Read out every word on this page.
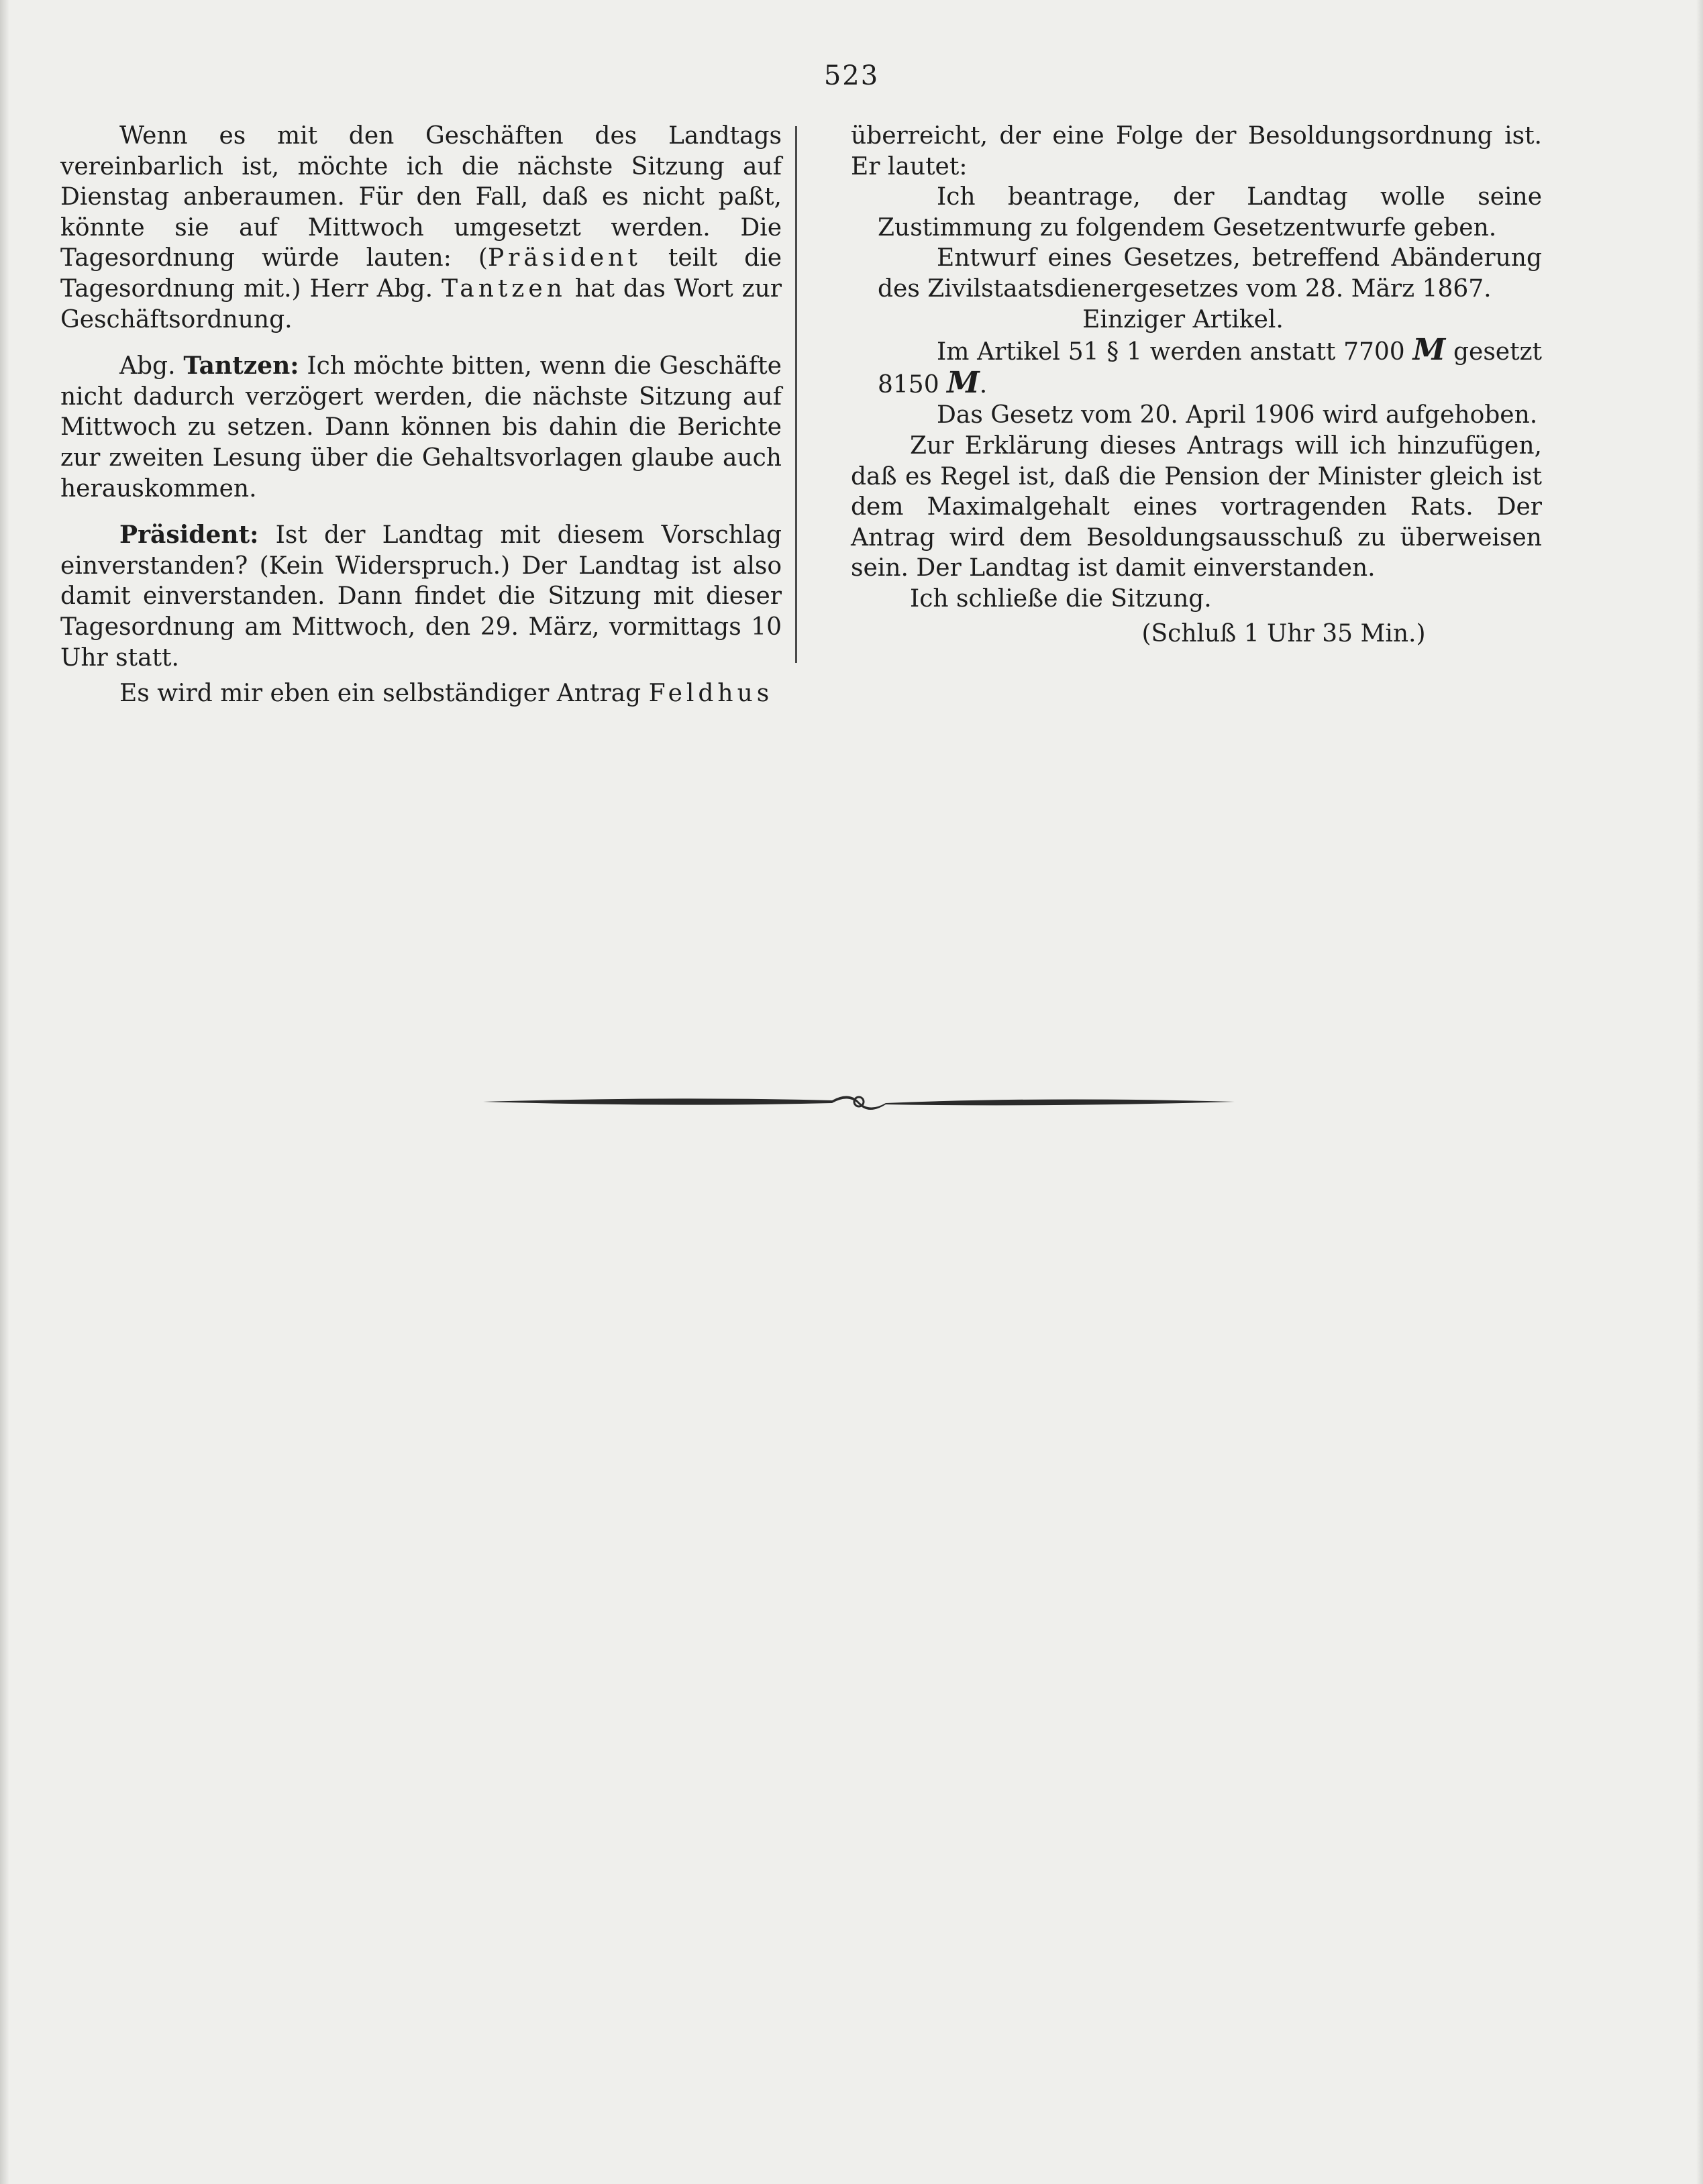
523

Wenn es mit den Geschäften des Landtags vereinbarlich ist, möchte ich die nächste Sitzung auf Dienstag anberaumen. Für den Fall, daß es nicht paßt, könnte sie auf Mittwoch umgesetzt werden. Die Tagesordnung würde lauten: (Präsident teilt die Tagesordnung mit.) Herr Abg. Tantzen hat das Wort zur Geschäftsordnung.

Abg. Tantzen: Ich möchte bitten, wenn die Geschäfte nicht dadurch verzögert werden, die nächste Sitzung auf Mittwoch zu setzen. Dann können bis dahin die Berichte zur zweiten Lesung über die Gehaltsvorlagen glaube auch herauskommen.

Präsident: Ist der Landtag mit diesem Vorschlag einverstanden? (Kein Widerspruch.) Der Landtag ist also damit einverstanden. Dann findet die Sitzung mit dieser Tagesordnung am Mittwoch, den 29. März, vormittags 10 Uhr statt.

Es wird mir eben ein selbständiger Antrag Feldhus

überreicht, der eine Folge der Besoldungsordnung ist. Er lautet:

Ich beantrage, der Landtag wolle seine Zustimmung zu folgendem Gesetzentwurfe geben.

Entwurf eines Gesetzes, betreffend Abänderung des Zivilstaatsdienergesetzes vom 28. März 1867.

Einziger Artikel.

Im Artikel 51 § 1 werden anstatt 7700 M gesetzt 8150 M.

Das Gesetz vom 20. April 1906 wird aufgehoben.

Zur Erklärung dieses Antrags will ich hinzufügen, daß es Regel ist, daß die Pension der Minister gleich ist dem Maximalgehalt eines vortragenden Rats. Der Antrag wird dem Besoldungsausschuß zu überweisen sein. Der Landtag ist damit einverstanden.

Ich schließe die Sitzung.

(Schluß 1 Uhr 35 Min.)
